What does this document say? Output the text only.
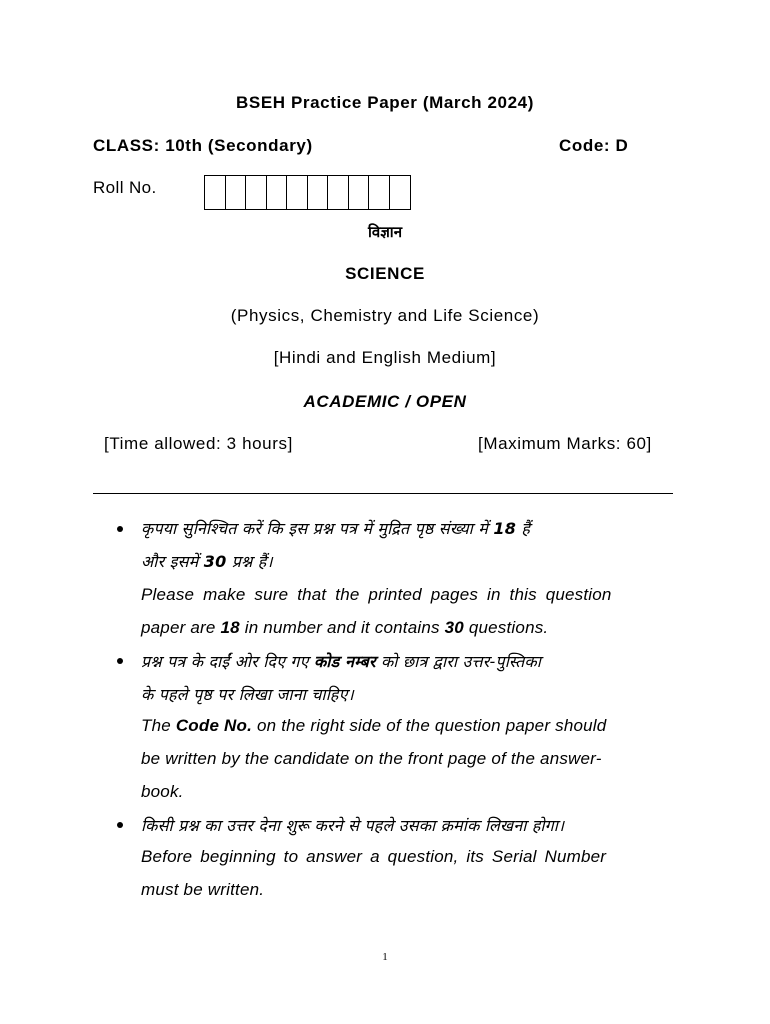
BSEH Practice Paper (March 2024)
CLASS: 10th (Secondary)	Code: D
Roll No.
विज्ञान
SCIENCE
(Physics, Chemistry and Life Science)
[Hindi and English Medium]
ACADEMIC / OPEN
[Time allowed: 3 hours]	[Maximum Marks: 60]
कृपया सुनिश्चित करें कि इस प्रश्न पत्र में मुद्रित पृष्ठ संख्या में 18 हैं
और इसमें 30 प्रश्न हैं।
Please make sure that the printed pages in this question
paper are 18 in number and it contains 30 questions.
प्रश्न पत्र के दाईं ओर दिए गए कोड नम्बर को छात्र द्वारा उत्तर-पुस्तिका
के पहले पृष्ठ पर लिखा जाना चाहिए।
The Code No. on the right side of the question paper should
be written by the candidate on the front page of the answer-
book.
किसी प्रश्न का उत्तर देना शुरू करने से पहले उसका क्रमांक लिखना होगा।
Before beginning to answer a question, its Serial Number
must be written.
1
